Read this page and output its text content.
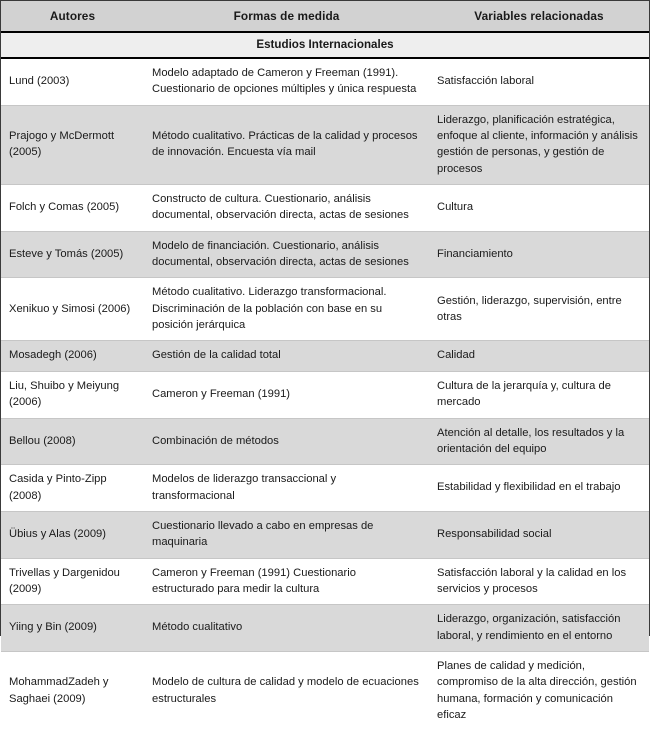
Autores	Formas de medida	Variables relacionadas
Estudios Internacionales		
Lund (2003)	Modelo adaptado de Cameron y Freeman (1991). Cuestionario de opciones múltiples y única respuesta	Satisfacción laboral
Prajogo y McDermott (2005)	Método cualitativo. Prácticas de la calidad y procesos de innovación. Encuesta vía mail	Liderazgo, planificación estratégica, enfoque al cliente, información y análisis gestión de personas, y gestión de procesos
Folch y Comas (2005)	Constructo de cultura. Cuestionario, análisis documental, observación directa, actas de sesiones	Cultura
Esteve y Tomás (2005)	Modelo de financiación. Cuestionario, análisis documental, observación directa, actas de sesiones	Financiamiento
Xenikuo y Simosi (2006)	Método cualitativo. Liderazgo transformacional. Discriminación de la población con base en su posición jerárquica	Gestión, liderazgo, supervisión, entre otras
Mosadegh (2006)	Gestión de la calidad total	Calidad
Liu, Shuibo y Meiyung (2006)	Cameron y Freeman (1991)	Cultura de la jerarquía y, cultura de mercado
Bellou (2008)	Combinación de métodos	Atención al detalle, los resultados y la orientación del equipo
Casida y Pinto-Zipp (2008)	Modelos de liderazgo transaccional y transformacional	Estabilidad y flexibilidad en el trabajo
Übius y Alas (2009)	Cuestionario llevado a cabo en empresas de maquinaria	Responsabilidad social
Trivellas y Dargenidou (2009)	Cameron y Freeman (1991) Cuestionario estructurado para medir la cultura	Satisfacción laboral y la calidad en los servicios y procesos
Yiing y Bin (2009)	Método cualitativo	Liderazgo, organización, satisfacción laboral, y rendimiento en el entorno
MohammadZadeh y Saghaei (2009)	Modelo de cultura de calidad y modelo de ecuaciones estructurales	Planes de calidad y medición, compromiso de la alta dirección, gestión humana, formación y comunicación eficaz
